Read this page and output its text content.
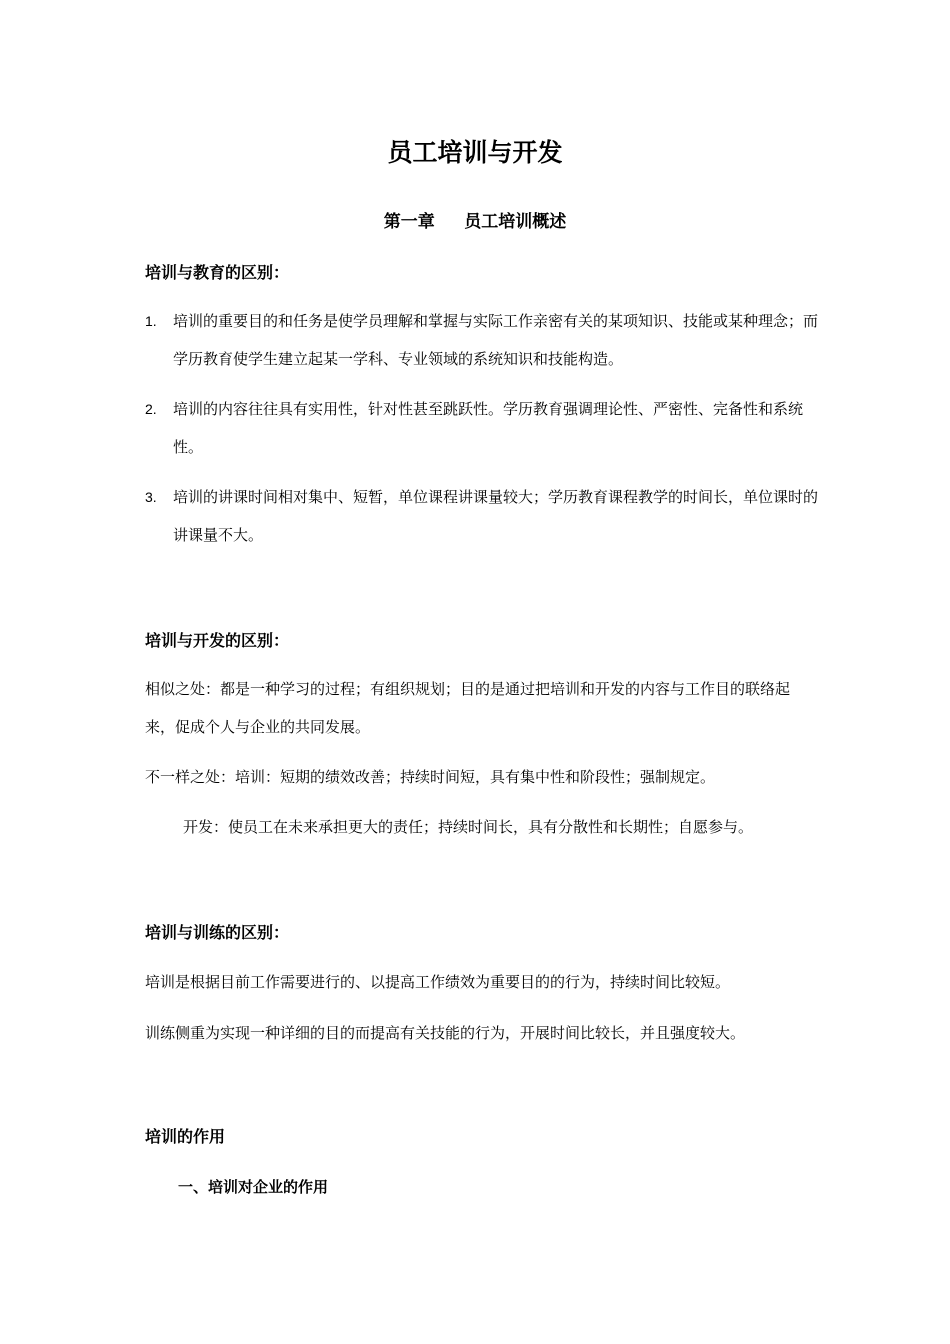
员工培训与开发
第一章     员工培训概述
培训与教育的区别：
1.	培训的重要目的和任务是使学员理解和掌握与实际工作亲密有关的某项知识、技能或某种理念；而学历教育使学生建立起某一学科、专业领域的系统知识和技能构造。
2.	培训的内容往往具有实用性，针对性甚至跳跃性。学历教育强调理论性、严密性、完备性和系统性。
3.	培训的讲课时间相对集中、短暂，单位课程讲课量较大；学历教育课程教学的时间长，单位课时的讲课量不大。
培训与开发的区别：

相似之处：都是一种学习的过程；有组织规划；目的是通过把培训和开发的内容与工作目的联络起来，促成个人与企业的共同发展。

不一样之处：培训：短期的绩效改善；持续时间短，具有集中性和阶段性；强制规定。

开发：使员工在未来承担更大的责任；持续时间长，具有分散性和长期性；自愿参与。

培训与训练的区别：

培训是根据目前工作需要进行的、以提高工作绩效为重要目的的行为，持续时间比较短。

训练侧重为实现一种详细的目的而提高有关技能的行为，开展时间比较长，并且强度较大。

培训的作用
一、培训对企业的作用
